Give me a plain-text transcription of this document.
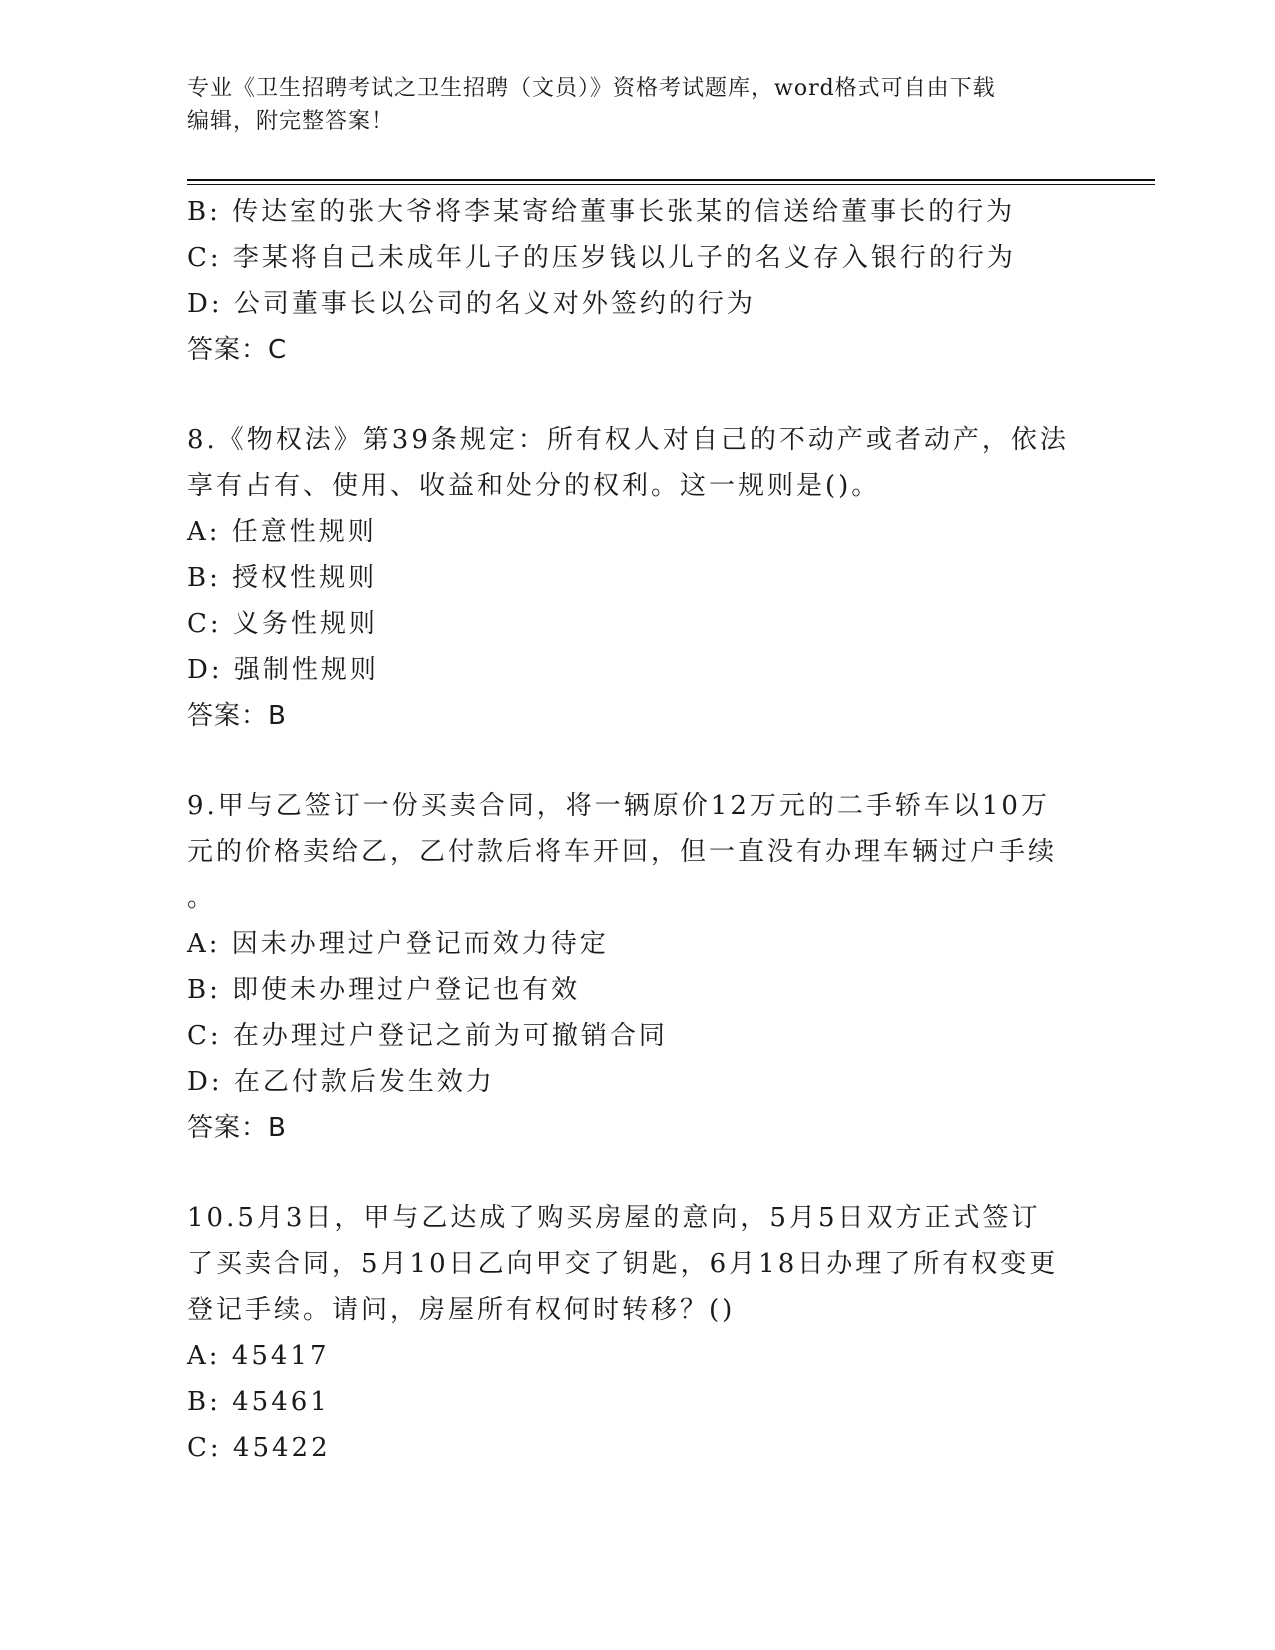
专业《卫生招聘考试之卫生招聘（文员）》资格考试题库，word格式可自由下载
编辑，附完整答案！
B: 传达室的张大爷将李某寄给董事长张某的信送给董事长的行为
C: 李某将自己未成年儿子的压岁钱以儿子的名义存入银行的行为
D: 公司董事长以公司的名义对外签约的行为
答案：C
8.《物权法》第39条规定：所有权人对自己的不动产或者动产，依法
享有占有、使用、收益和处分的权利。这一规则是()。
A: 任意性规则
B: 授权性规则
C: 义务性规则
D: 强制性规则
答案：B
9.甲与乙签订一份买卖合同，将一辆原价12万元的二手轿车以10万
元的价格卖给乙，乙付款后将车开回，但一直没有办理车辆过户手续
。
A: 因未办理过户登记而效力待定
B: 即使未办理过户登记也有效
C: 在办理过户登记之前为可撤销合同
D: 在乙付款后发生效力
答案：B
10.5月3日，甲与乙达成了购买房屋的意向，5月5日双方正式签订
了买卖合同，5月10日乙向甲交了钥匙，6月18日办理了所有权变更
登记手续。请问，房屋所有权何时转移？()
A: 45417
B: 45461
C: 45422
